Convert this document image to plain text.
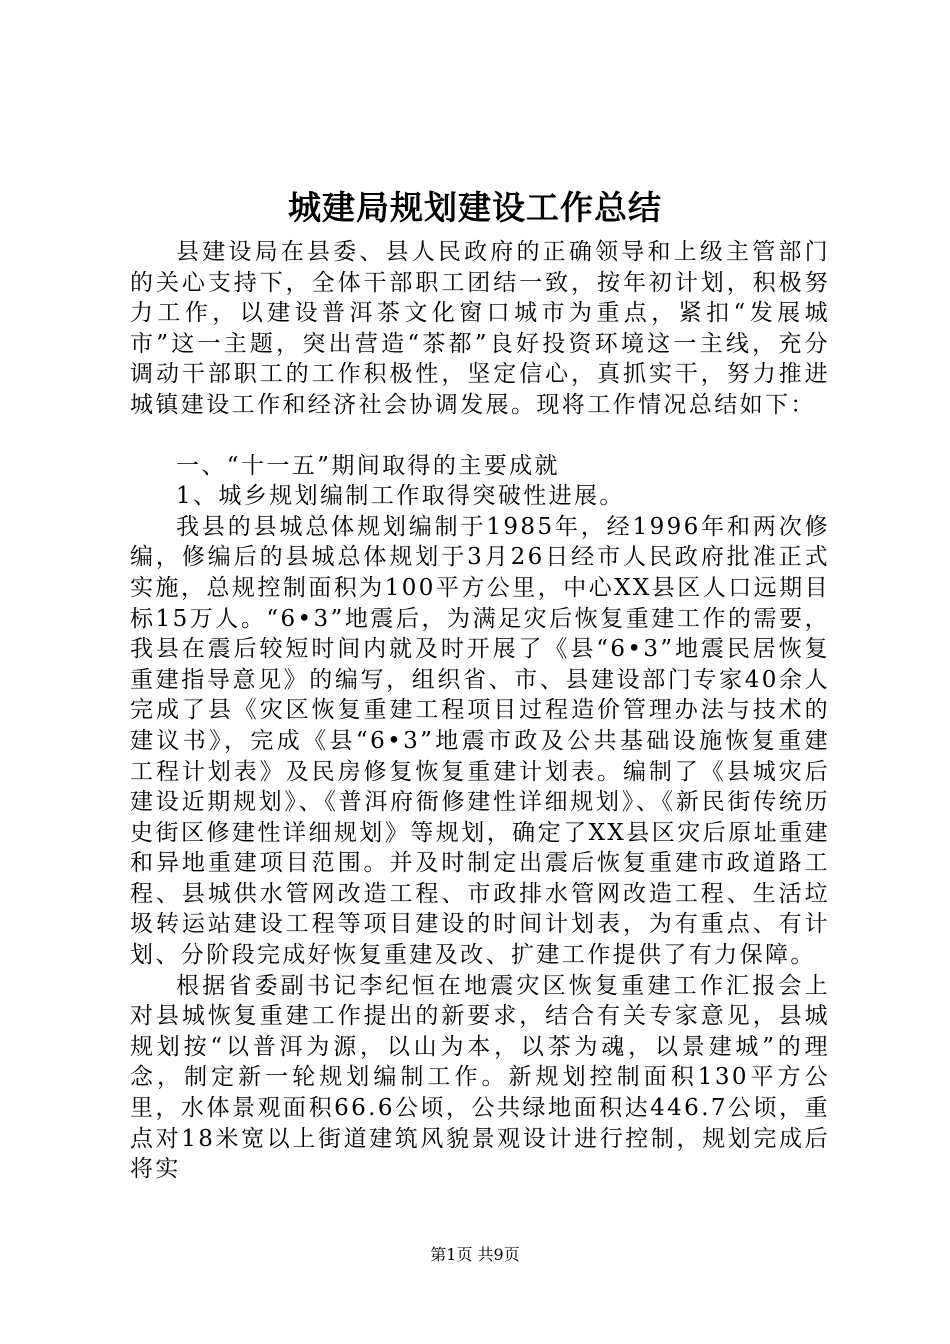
城建局规划建设工作总结

县建设局在县委、县人民政府的正确领导和上级主管部门的关心支持下，全体干部职工团结一致，按年初计划，积极努力工作，以建设普洱茶文化窗口城市为重点，紧扣“发展城市”这一主题，突出营造“茶都”良好投资环境这一主线，充分调动干部职工的工作积极性，坚定信心，真抓实干，努力推进城镇建设工作和经济社会协调发展。现将工作情况总结如下：

一、“十一五”期间取得的主要成就

1、城乡规划编制工作取得突破性进展。

我县的县城总体规划编制于1985年，经1996年和两次修编，修编后的县城总体规划于3月26日经市人民政府批准正式实施，总规控制面积为100平方公里，中心XX县区人口远期目标15万人。“6•3”地震后，为满足灾后恢复重建工作的需要，我县在震后较短时间内就及时开展了《县“6•3”地震民居恢复重建指导意见》的编写，组织省、市、县建设部门专家40余人完成了县《灾区恢复重建工程项目过程造价管理办法与技术的建议书》，完成《县“6•3”地震市政及公共基础设施恢复重建工程计划表》及民房修复恢复重建计划表。编制了《县城灾后建设近期规划》、《普洱府衙修建性详细规划》、《新民街传统历史街区修建性详细规划》等规划，确定了XX县区灾后原址重建和异地重建项目范围。并及时制定出震后恢复重建市政道路工程、县城供水管网改造工程、市政排水管网改造工程、生活垃圾转运站建设工程等项目建设的时间计划表，为有重点、有计划、分阶段完成好恢复重建及改、扩建工作提供了有力保障。

根据省委副书记李纪恒在地震灾区恢复重建工作汇报会上对县城恢复重建工作提出的新要求，结合有关专家意见，县城规划按“以普洱为源，以山为本，以茶为魂，以景建城”的理念，制定新一轮规划编制工作。新规划控制面积130平方公里，水体景观面积66.6公顷，公共绿地面积达446.7公顷，重点对18米宽以上街道建筑风貌景观设计进行控制，规划完成后将实

第1页 共9页
